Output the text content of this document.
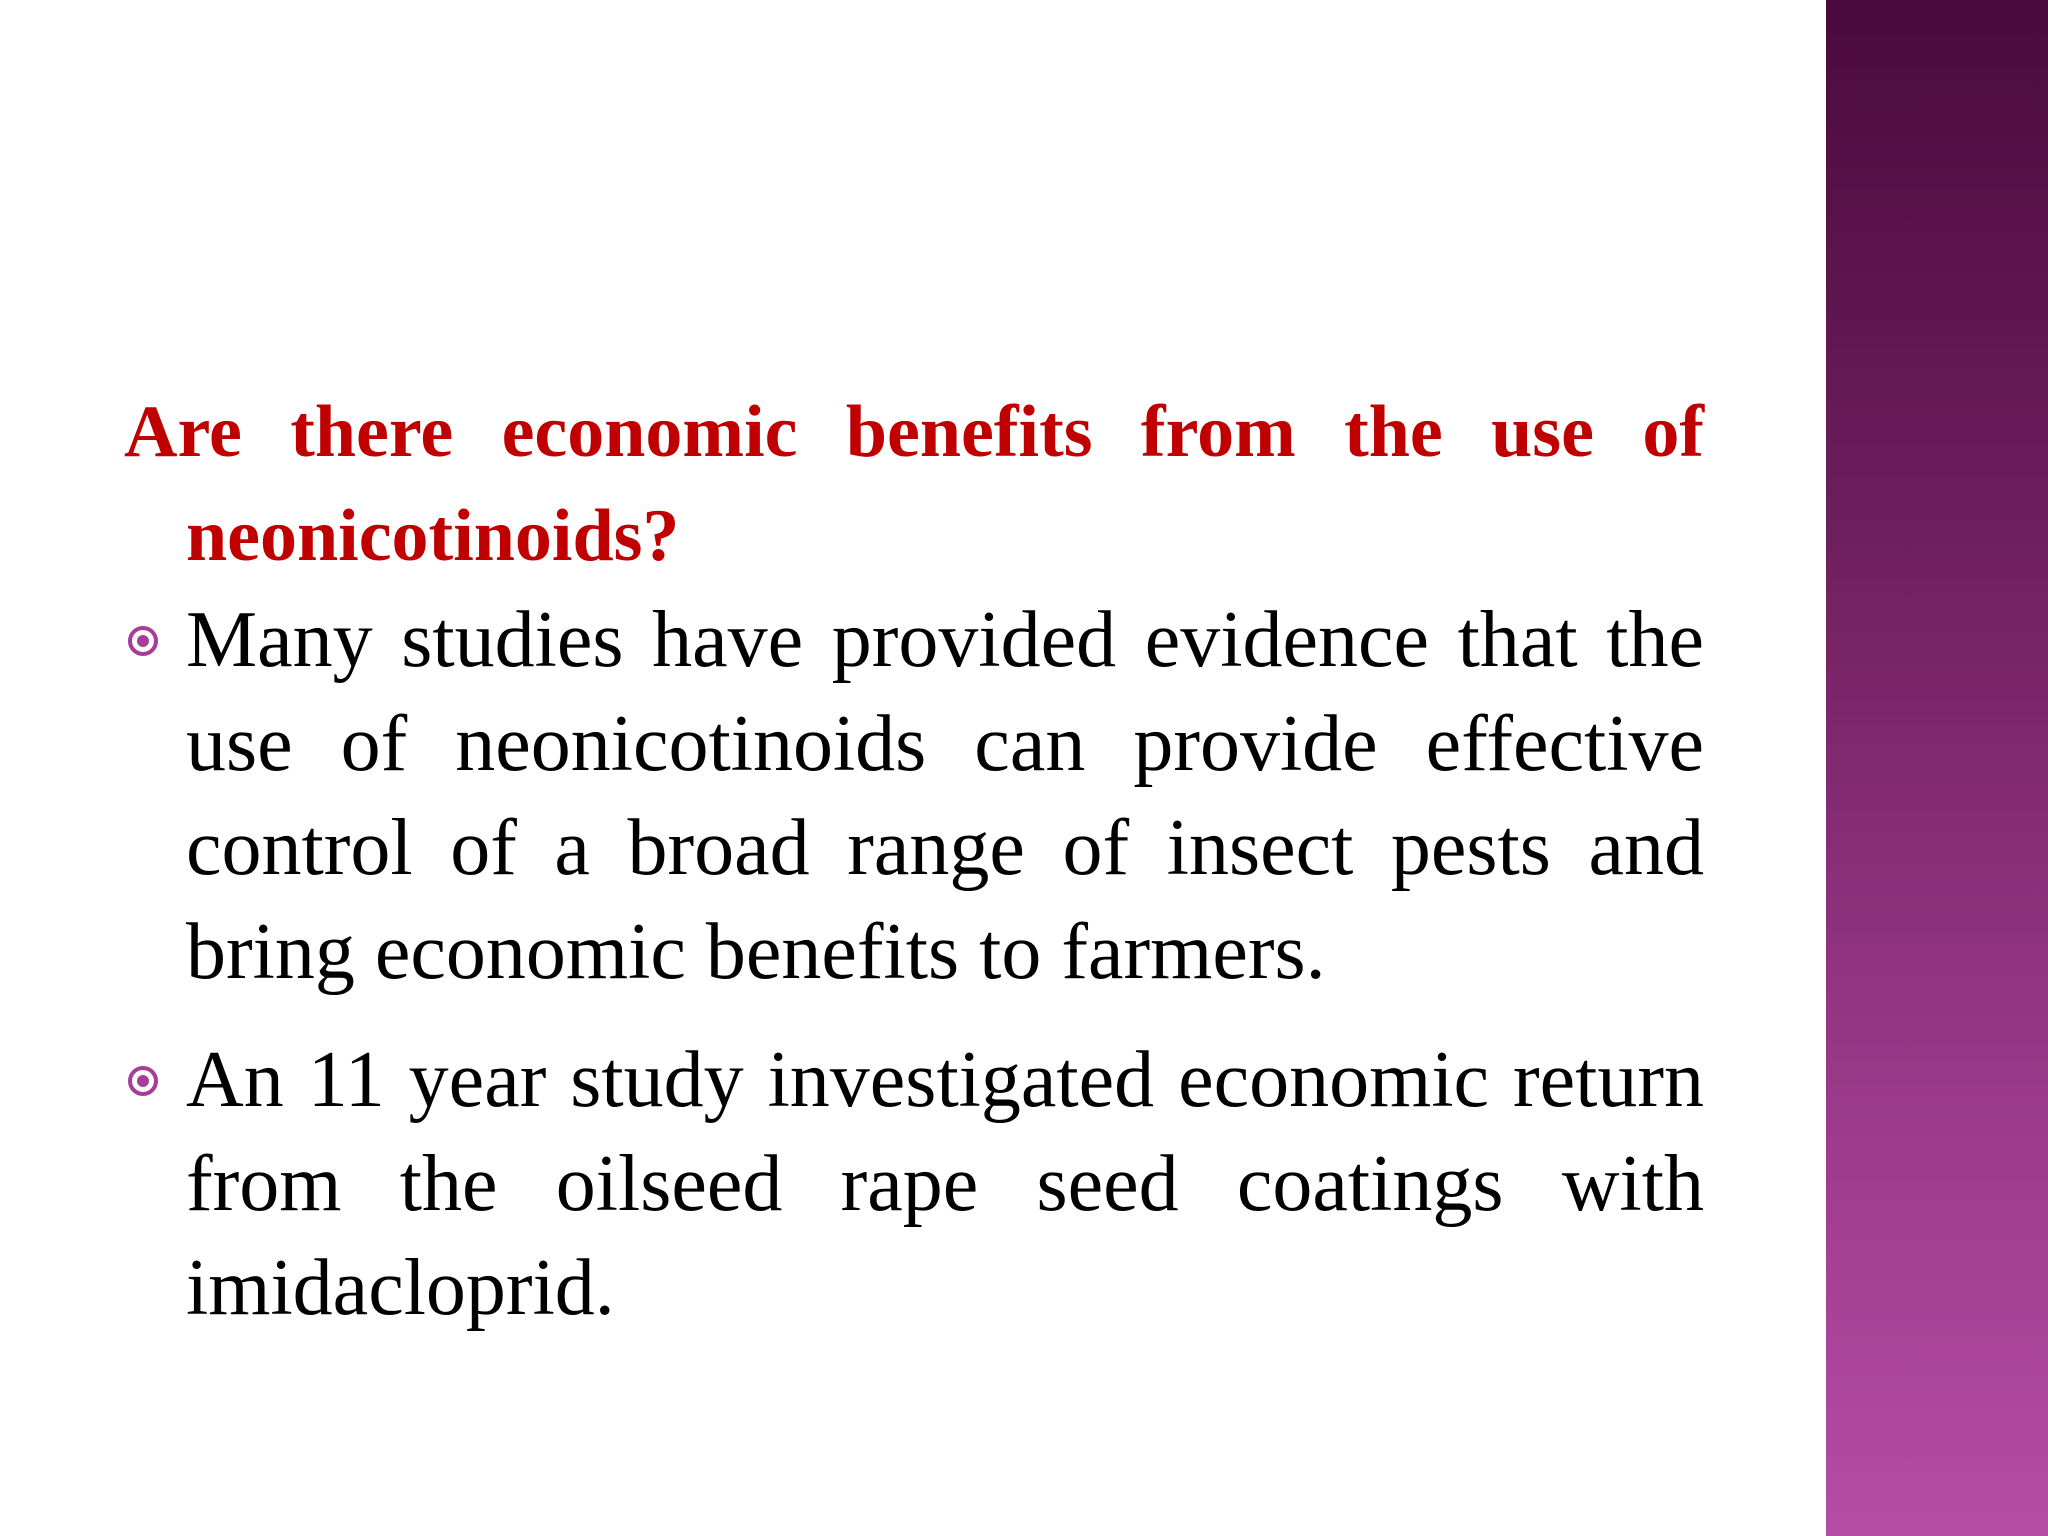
Are there economic benefits from the use of neonicotinoids?

Many studies have provided evidence that the use of neonicotinoids can provide effective control of a broad range of insect pests and bring economic benefits to farmers.
An 11 year study investigated economic return from the oilseed rape seed coatings with imidacloprid.
